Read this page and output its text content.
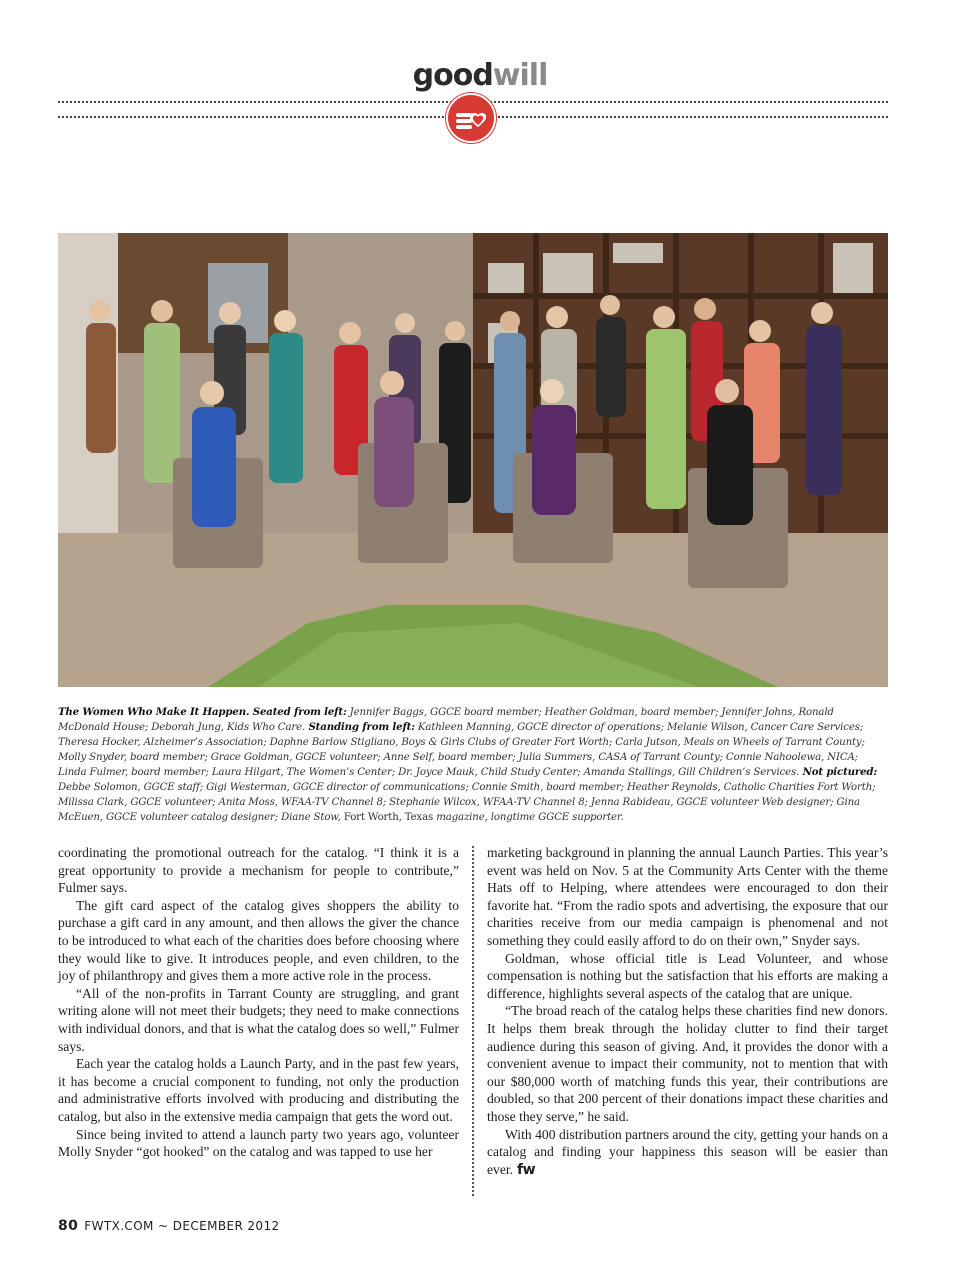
goodwill
The Women Who Make It Happen. Seated from left: Jennifer Baggs, GGCE board member; Heather Goldman, board member; Jennifer Johns, Ronald McDonald House; Deborah Jung, Kids Who Care. Standing from left: Kathleen Manning, GGCE director of operations; Melanie Wilson, Cancer Care Services; Theresa Hocker, Alzheimer’s Association; Daphne Barlow Stigliano, Boys & Girls Clubs of Greater Fort Worth; Carla Jutson, Meals on Wheels of Tarrant County; Molly Snyder, board member; Grace Goldman, GGCE volunteer; Anne Self, board member; Julia Summers, CASA of Tarrant County; Connie Nahoolewa, NICA; Linda Fulmer, board member; Laura Hilgart, The Women’s Center; Dr. Joyce Mauk, Child Study Center; Amanda Stallings, Gill Children’s Services. Not pictured: Debbe Solomon, GGCE staff; Gigi Westerman, GGCE director of communications; Connie Smith, board member; Heather Reynolds, Catholic Charities Fort Worth; Milissa Clark, GGCE volunteer; Anita Moss, WFAA-TV Channel 8; Stephanie Wilcox, WFAA-TV Channel 8; Jenna Rabideau, GGCE volunteer Web designer; Gina McEuen, GGCE volunteer catalog designer; Diane Stow, Fort Worth, Texas magazine, longtime GGCE supporter.

coordinating the promotional outreach for the catalog. “I think it is a great opportunity to provide a mechanism for people to contribute,” Fulmer says.

The gift card aspect of the catalog gives shoppers the ability to purchase a gift card in any amount, and then allows the giver the chance to be introduced to what each of the charities does before choosing where they would like to give. It introduces people, and even children, to the joy of philanthropy and gives them a more active role in the process.

“All of the non-profits in Tarrant County are struggling, and grant writing alone will not meet their budgets; they need to make connections with individual donors, and that is what the catalog does so well,” Fulmer says.

Each year the catalog holds a Launch Party, and in the past few years, it has become a crucial component to funding, not only the production and administrative efforts involved with producing and distributing the catalog, but also in the extensive media campaign that gets the word out.

Since being invited to attend a launch party two years ago, volunteer Molly Snyder “got hooked” on the catalog and was tapped to use her

marketing background in planning the annual Launch Parties. This year’s event was held on Nov. 5 at the Community Arts Center with the theme Hats off to Helping, where attendees were encouraged to don their favorite hat. “From the radio spots and advertising, the exposure that our charities receive from our media campaign is phenomenal and not something they could easily afford to do on their own,” Snyder says.

Goldman, whose official title is Lead Volunteer, and whose compensation is nothing but the satisfaction that his efforts are making a difference, highlights several aspects of the catalog that are unique.

“The broad reach of the catalog helps these charities find new donors. It helps them break through the holiday clutter to find their target audience during this season of giving. And, it provides the donor with a convenient avenue to impact their community, not to mention that with our $80,000 worth of matching funds this year, their contributions are doubled, so that 200 percent of their donations impact these charities and those they serve,” he said.

With 400 distribution partners around the city, getting your hands on a catalog and finding your happiness this season will be easier than ever. fw

80 FWTX.COM ~ DECEMBER 2012
